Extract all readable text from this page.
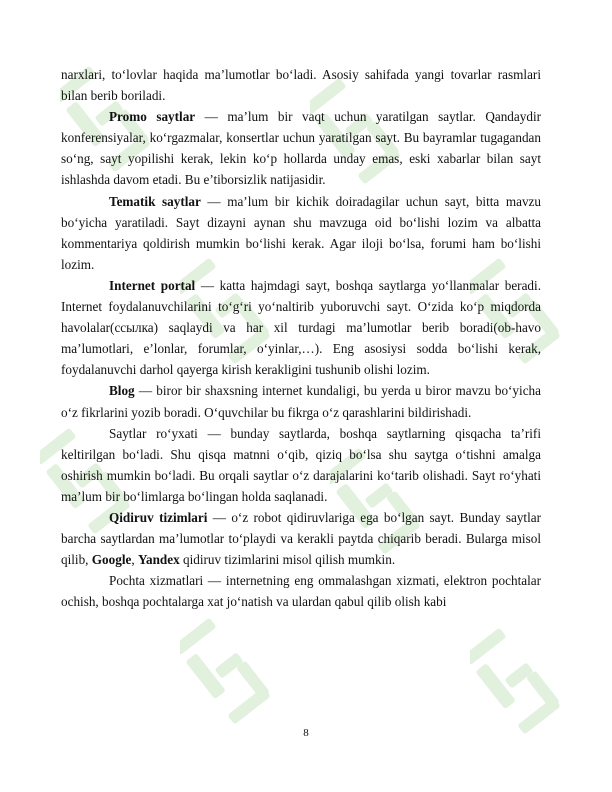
narxlari, to‘lovlar haqida ma’lumotlar bo‘ladi. Asosiy sahifada yangi tovarlar rasmlari bilan berib boriladi.

Promo saytlar — ma’lum bir vaqt uchun yaratilgan saytlar. Qandaydir konferensiyalar, ko‘rgazmalar, konsertlar uchun yaratilgan sayt. Bu bayramlar tugagandan so‘ng, sayt yopilishi kerak, lekin ko‘p hollarda unday emas, eski xabarlar bilan sayt ishlashda davom etadi. Bu e’tiborsizlik natijasidir.

Tematik saytlar — ma’lum bir kichik doiradagilar uchun sayt, bitta mavzu bo‘yicha yaratiladi. Sayt dizayni aynan shu mavzuga oid bo‘lishi lozim va albatta kommentariya qoldirish mumkin bo‘lishi kerak. Agar iloji bo‘lsa, forumi ham bo‘lishi lozim.

Internet portal — katta hajmdagi sayt, boshqa saytlarga yo‘llanmalar beradi. Internet foydalanuvchilarini to‘g‘ri yo‘naltirib yuboruvchi sayt. O‘zida ko‘p miqdorda havolalar(ссылка) saqlaydi va har xil turdagi ma’lumotlar berib boradi(ob-havo ma’lumotlari, e’lonlar, forumlar, o‘yinlar,…). Eng asosiysi sodda bo‘lishi kerak, foydalanuvchi darhol qayerga kirish kerakligini tushunib olishi lozim.

Blog — biror bir shaxsning internet kundaligi, bu yerda u biror mavzu bo‘yicha o‘z fikrlarini yozib boradi. O‘quvchilar bu fikrga o‘z qarashlarini bildirishadi.

Saytlar ro‘yxati — bunday saytlarda, boshqa saytlarning qisqacha ta’rifi keltirilgan bo‘ladi. Shu qisqa matnni o‘qib, qiziq bo‘lsa shu saytga o‘tishni amalga oshirish mumkin bo‘ladi. Bu orqali saytlar o‘z darajalarini ko‘tarib olishadi. Sayt ro‘yhati ma’lum bir bo‘limlarga bo‘lingan holda saqlanadi.

Qidiruv tizimlari — o‘z robot qidiruvlariga ega bo‘lgan sayt. Bunday saytlar barcha saytlardan ma’lumotlar to‘playdi va kerakli paytda chiqarib beradi. Bularga misol qilib, Google, Yandex qidiruv tizimlarini misol qilish mumkin.

Pochta xizmatlari — internetning eng ommalashgan xizmati, elektron pochtalar ochish, boshqa pochtalarga xat jo‘natish va ulardan qabul qilib olish kabi

8
